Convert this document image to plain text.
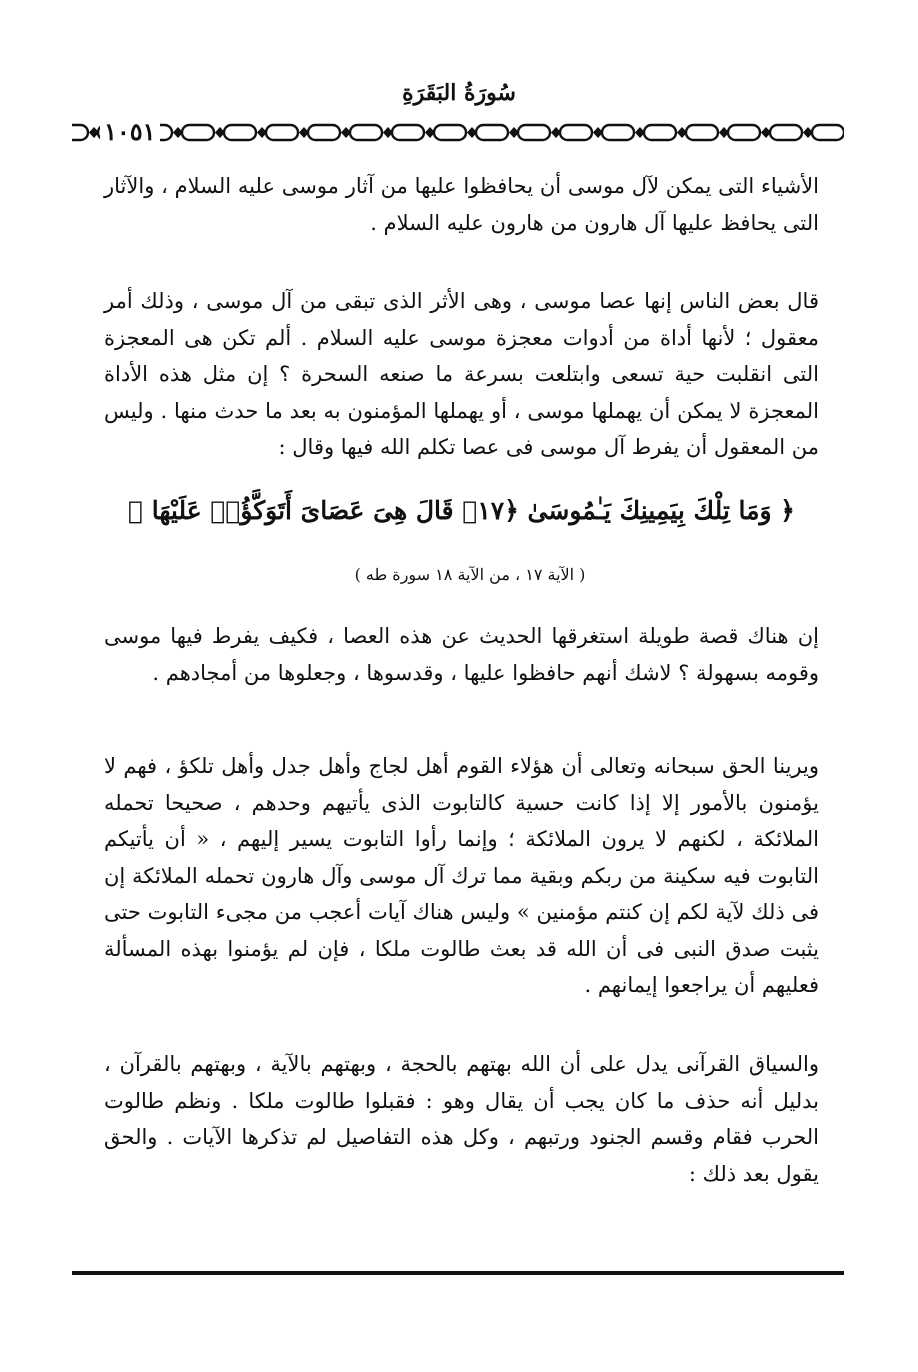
سُورَةُ البَقَرَةِ
١٠٥١
الأشياء التى يمكن لآل موسى أن يحافظوا عليها من آثار موسى عليه السلام ، والآثار التى يحافظ عليها آل هارون من هارون عليه السلام .
قال بعض الناس إنها عصا موسى ، وهى الأثر الذى تبقى من آل موسى ، وذلك أمر معقول ؛ لأنها أداة من أدوات معجزة موسى عليه السلام . ألم تكن هى المعجزة التى انقلبت حية تسعى وابتلعت بسرعة ما صنعه السحرة ؟ إن مثل هذه الأداة المعجزة لا يمكن أن يهملها موسى ، أو يهملها المؤمنون به بعد ما حدث منها . وليس من المعقول أن يفرط آل موسى فى عصا تكلم الله فيها وقال :
﴿ وَمَا تِلْكَ بِيَمِينِكَ يَـٰمُوسَىٰ ﴿١٧﴾ قَالَ هِىَ عَصَاىَ أَتَوَكَّؤُا۟ عَلَيْهَا ﴾
( الآية ١٧ ، من الآية ١٨ سورة طه )
إن هناك قصة طويلة استغرقها الحديث عن هذه العصا ، فكيف يفرط فيها موسى وقومه بسهولة ؟ لاشك أنهم حافظوا عليها ، وقدسوها ، وجعلوها من أمجادهم .
ويرينا الحق سبحانه وتعالى أن هؤلاء القوم أهل لجاج وأهل جدل وأهل تلكؤ ، فهم لا يؤمنون بالأمور إلا إذا كانت حسية كالتابوت الذى يأتيهم وحدهم ، صحيحا تحمله الملائكة ، لكنهم لا يرون الملائكة ؛ وإنما رأوا التابوت يسير إليهم ، « أن يأتيكم التابوت فيه سكينة من ربكم وبقية مما ترك آل موسى وآل هارون تحمله الملائكة إن فى ذلك لآية لكم إن كنتم مؤمنين » وليس هناك آيات أعجب من مجىء التابوت حتى يثبت صدق النبى فى أن الله قد بعث طالوت ملكا ، فإن لم يؤمنوا بهذه المسألة فعليهم أن يراجعوا إيمانهم .
والسياق القرآنى يدل على أن الله بهتهم بالحجة ، وبهتهم بالآية ، وبهتهم بالقرآن ، بدليل أنه حذف ما كان يجب أن يقال وهو : فقبلوا طالوت ملكا . ونظم طالوت الحرب فقام وقسم الجنود ورتبهم ، وكل هذه التفاصيل لم تذكرها الآيات . والحق يقول بعد ذلك :
